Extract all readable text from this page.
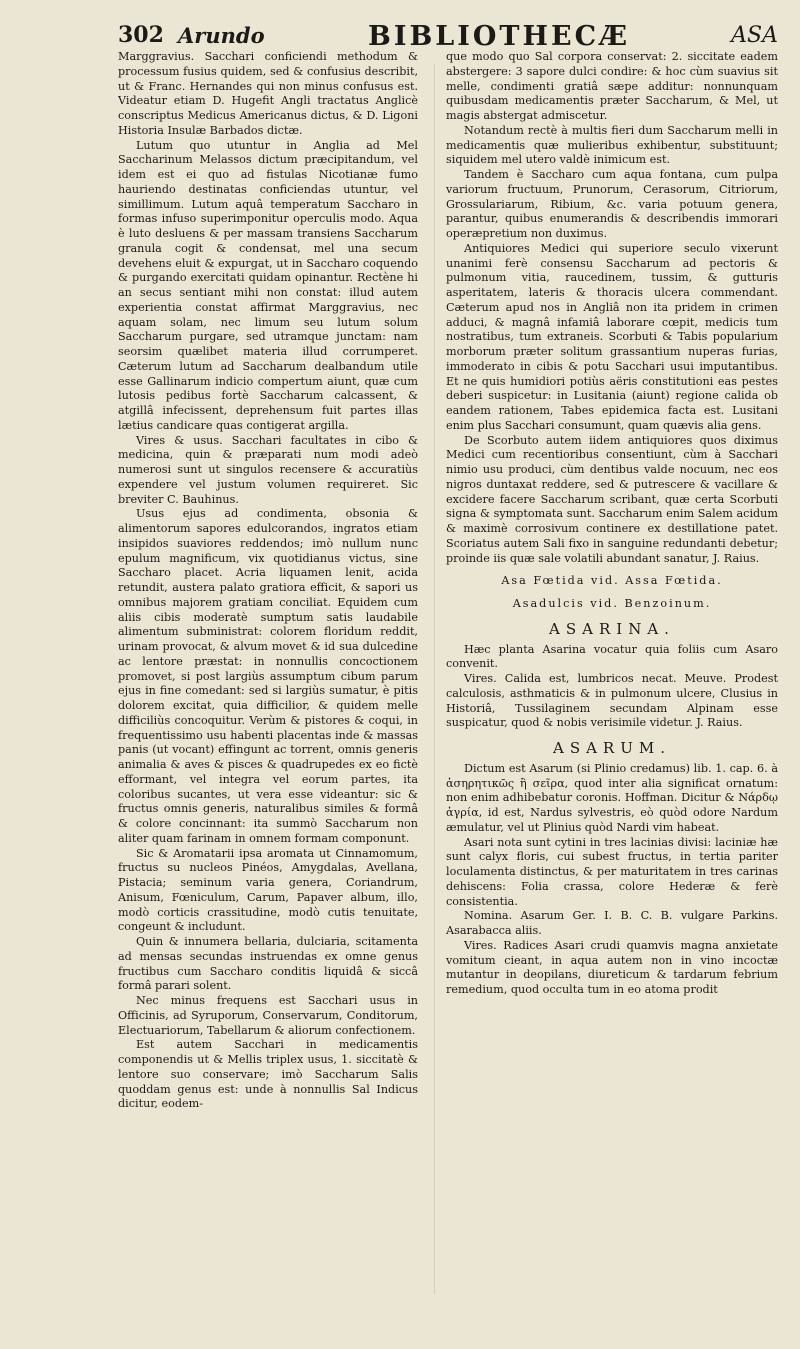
302 Arundo	BIBLIOTHECÆ	ASA

Marggravius. Sacchari conficiendi methodum & processum fusius quidem, sed & confusius describit, ut & Franc. Hernandes qui non minus confusus est. Videatur etiam D. Hugefit Angli tractatus Anglicè conscriptus Medicus Americanus dictus, & D. Ligoni Historia Insulæ Barbados dictæ.

Lutum quo utuntur in Anglia ad Mel Saccharinum Melassos dictum præcipitandum, vel idem est ei quo ad fistulas Nicotianæ fumo hauriendo destinatas conficiendas utuntur, vel simillimum. Lutum aquâ temperatum Saccharo in formas infuso superimponitur operculis modo. Aqua è luto desluens & per massam transiens Saccharum granula cogit & condensat, mel una secum devehens eluit & expurgat, ut in Saccharo coquendo & purgando exercitati quidam opinantur. Rectène hi an secus sentiant mihi non constat: illud autem experientia constat affirmat Marggravius, nec aquam solam, nec limum seu lutum solum Saccharum purgare, sed utramque junctam: nam seorsim quælibet materia illud corrumperet. Cæterum lutum ad Saccharum dealbandum utile esse Gallinarum indicio compertum aiunt, quæ cum lutosis pedibus fortè Saccharum calcassent, & atgillâ infecissent, deprehensum fuit partes illas lætius candicare quas contigerat argilla.

Vires & usus. Sacchari facultates in cibo & medicina, quin & præparati num modi adeò numerosi sunt ut singulos recensere & accuratiùs expendere vel justum volumen requireret. Sic breviter C. Bauhinus.

Usus ejus ad condimenta, obsonia & alimentorum sapores edulcorandos, ingratos etiam insipidos suaviores reddendos; imò nullum nunc epulum magnificum, vix quotidianus victus, sine Saccharo placet. Acria liquamen lenit, acida retundit, austera palato gratiora efficit, & sapori us omnibus majorem gratiam conciliat. Equidem cum aliis cibis moderatè sumptum satis laudabile alimentum subministrat: colorem floridum reddit, urinam provocat, & alvum movet & id sua dulcedine ac lentore præstat: in nonnullis concoctionem promovet, si post largiùs assumptum cibum parum ejus in fine comedant: sed si largiùs sumatur, è pitis dolorem excitat, quia difficilior, & quidem melle difficiliùs concoquitur. Verùm & pistores & coqui, in frequentissimo usu habenti placentas inde & massas panis (ut vocant) effingunt ac torrent, omnis generis animalia & aves & pisces & quadrupedes ex eo fictè efformant, vel integra vel eorum partes, ita coloribus sucantes, ut vera esse videantur: sic & fructus omnis generis, naturalibus similes & formâ & colore concinnant: ita summò Saccharum non aliter quam farinam in omnem formam componunt.

Sic & Aromatarii ipsa aromata ut Cinnamomum, fructus su nucleos Pinéos, Amygdalas, Avellana, Pistacia; seminum varia genera, Coriandrum, Anisum, Fœniculum, Carum, Papaver album, illo, modò corticis crassitudine, modò cutis tenuitate, congeunt & includunt.

Quin & innumera bellaria, dulciaria, scitamenta ad mensas secundas instruendas ex omne genus fructibus cum Saccharo conditis liquidâ & siccâ formâ parari solent.

Nec minus frequens est Sacchari usus in Officinis, ad Syruporum, Conservarum, Conditorum, Electuariorum, Tabellarum & aliorum confectionem.

Est autem Sacchari in medicamentis componendis ut & Mellis triplex usus, 1. siccitatè & lentore suo conservare; imò Saccharum Salis quoddam genus est: unde à nonnullis Sal Indicus dicitur, eodem-

que modo quo Sal corpora conservat: 2. siccitate eadem abstergere: 3 sapore dulci condire: & hoc cùm suavius sit melle, condimenti gratiâ sæpe additur: nonnunquam quibusdam medicamentis præter Saccharum, & Mel, ut magis abstergat admiscetur.

Notandum rectè à multis fieri dum Saccharum melli in medicamentis quæ mulieribus exhibentur, substituunt; siquidem mel utero valdè inimicum est.

Tandem è Saccharo cum aqua fontana, cum pulpa variorum fructuum, Prunorum, Cerasorum, Citriorum, Grossulariarum, Ribium, &c. varia potuum genera, parantur, quibus enumerandis & describendis immorari operæpretium non duximus.

Antiquiores Medici qui superiore seculo vixerunt unanimi ferè consensu Saccharum ad pectoris & pulmonum vitia, raucedinem, tussim, & gutturis asperitatem, lateris & thoracis ulcera commendant. Cæterum apud nos in Angliâ non ita pridem in crimen adduci, & magnâ infamiâ laborare cœpit, medicis tum nostratibus, tum extraneis. Scorbuti & Tabis popularium morborum præter solitum grassantium nuperas furias, immoderato in cibis & potu Sacchari usui imputantibus. Et ne quis humidiori potiùs aëris constitutioni eas pestes deberi suspicetur: in Lusitania (aiunt) regione calida ob eandem rationem, Tabes epidemica facta est. Lusitani enim plus Sacchari consumunt, quam quævis alia gens.

De Scorbuto autem iidem antiquiores quos diximus Medici cum recentioribus consentiunt, cùm à Sacchari nimio usu produci, cùm dentibus valde nocuum, nec eos nigros duntaxat reddere, sed & putrescere & vacillare & excidere facere Saccharum scribant, quæ certa Scorbuti signa & symptomata sunt. Saccharum enim Salem acidum & maximè corrosivum continere ex destillatione patet. Scoriatus autem Sali fixo in sanguine redundanti debetur; proinde iis quæ sale volatili abundant sanatur, J. Raius.

Asa Fœtida vid. Assa Fœtida.
Asadulcis vid. Benzoinum.
ASARINA.

Hæc planta Asarina vocatur quia foliis cum Asaro convenit.

Vires. Calida est, lumbricos necat. Meuve. Prodest calculosis, asthmaticis & in pulmonum ulcere, Clusius in Historiâ, Tussilaginem secundam Alpinam esse suspicatur, quod & nobis verisimile videtur. J. Raius.

ASARUM.

Dictum est Asarum (si Plinio credamus) lib. 1. cap. 6. à ἀσηρητικῶς ἢ σεῖρα, quod inter alia significat ornatum: non enim adhibebatur coronis. Hoffman. Dicitur & Νάρδῳ ἀγρία, id est, Nardus sylvestris, eò quòd odore Nardum æmulatur, vel ut Plinius quòd Nardi vim habeat.

Asari nota sunt cytini in tres lacinias divisi: laciniæ hæ sunt calyx floris, cui subest fructus, in tertia pariter loculamenta distinctus, & per maturitatem in tres carinas dehiscens: Folia crassa, colore Hederæ & ferè consistentia.

Nomina. Asarum Ger. I. B. C. B. vulgare Parkins. Asarabacca aliis.

Vires. Radices Asari crudi quamvis magna anxietate vomitum cieant, in aqua autem non in vino incoctæ mutantur in deopilans, diureticum & tardarum febrium remedium, quod occulta tum in eo atoma prodit
